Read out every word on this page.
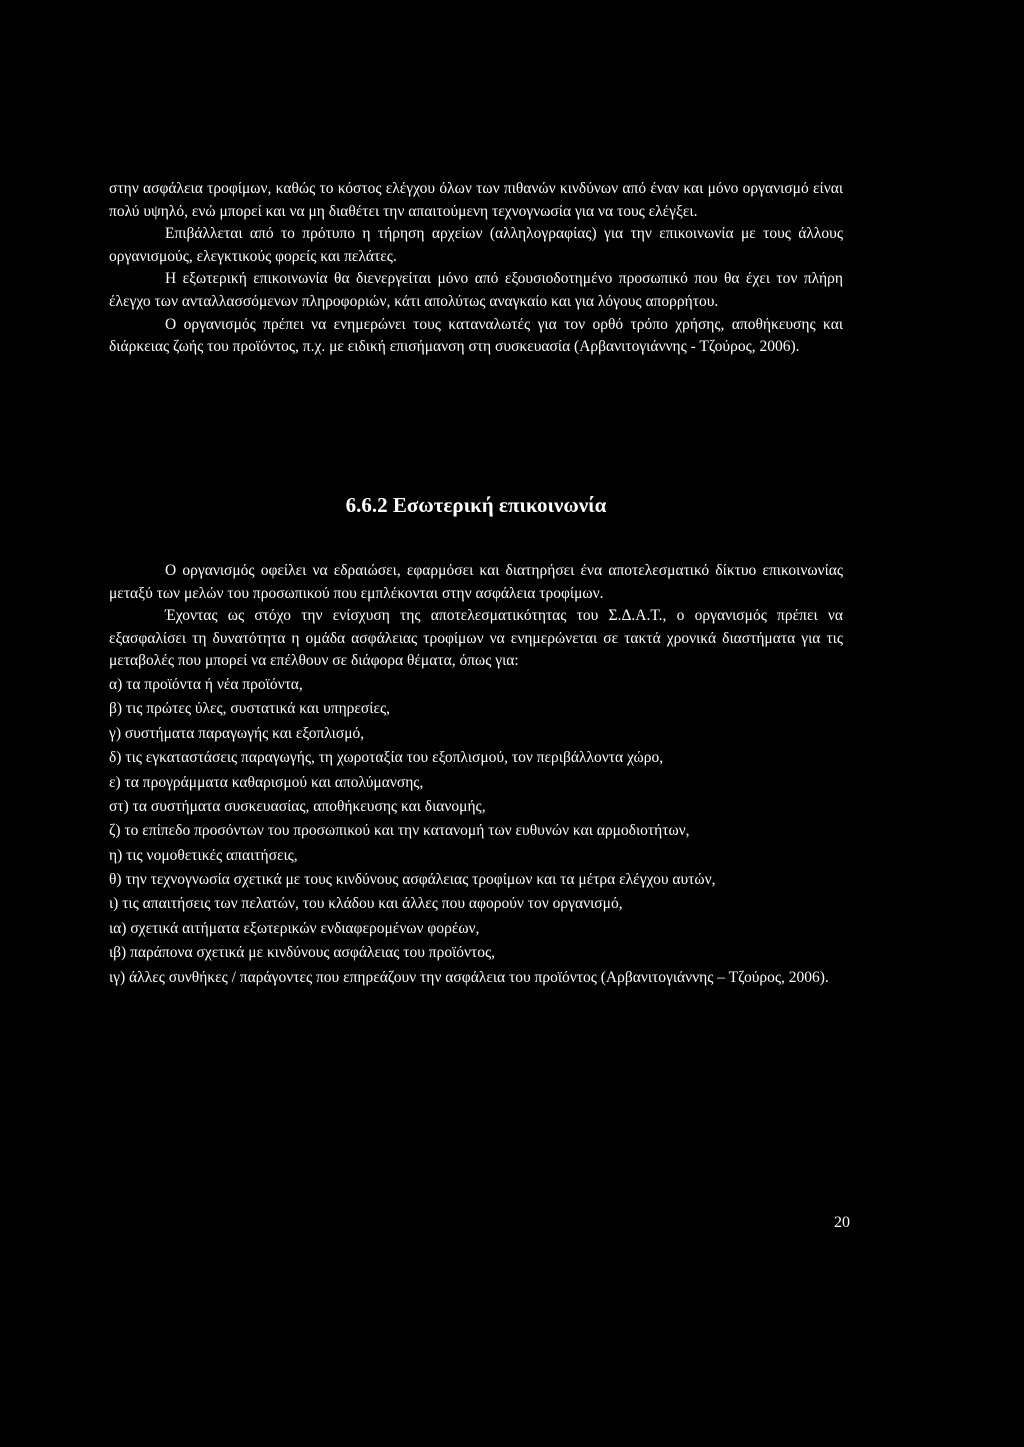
στην ασφάλεια τροφίμων, καθώς το κόστος ελέγχου όλων των πιθανών κινδύνων από έναν και μόνο οργανισμό είναι πολύ υψηλό, ενώ μπορεί και να μη διαθέτει την απαιτούμενη τεχνογνωσία για να τους ελέγξει.

Επιβάλλεται από το πρότυπο η τήρηση αρχείων (αλληλογραφίας) για την επικοινωνία με τους άλλους οργανισμούς, ελεγκτικούς φορείς και πελάτες.

Η εξωτερική επικοινωνία θα διενεργείται μόνο από εξουσιοδοτημένο προσωπικό που θα έχει τον πλήρη έλεγχο των ανταλλασσόμενων πληροφοριών, κάτι απολύτως αναγκαίο και για λόγους απορρήτου.

Ο οργανισμός πρέπει να ενημερώνει τους καταναλωτές για τον ορθό τρόπο χρήσης, αποθήκευσης και διάρκειας ζωής του προϊόντος, π.χ. με ειδική επισήμανση στη συσκευασία (Αρβανιτογιάννης - Τζούρος, 2006).

6.6.2 Εσωτερική επικοινωνία

Ο οργανισμός οφείλει να εδραιώσει, εφαρμόσει και διατηρήσει ένα αποτελεσματικό δίκτυο επικοινωνίας μεταξύ των μελών του προσωπικού που εμπλέκονται στην ασφάλεια τροφίμων.

Έχοντας ως στόχο την ενίσχυση της αποτελεσματικότητας του Σ.Δ.Α.Τ., ο οργανισμός πρέπει να εξασφαλίσει τη δυνατότητα η ομάδα ασφάλειας τροφίμων να ενημερώνεται σε τακτά χρονικά διαστήματα για τις μεταβολές που μπορεί να επέλθουν σε διάφορα θέματα, όπως για:

α) τα προϊόντα ή νέα προϊόντα,

β) τις πρώτες ύλες, συστατικά και υπηρεσίες,

γ) συστήματα παραγωγής και εξοπλισμό,

δ) τις εγκαταστάσεις παραγωγής, τη χωροταξία του εξοπλισμού, τον περιβάλλοντα χώρο,

ε) τα προγράμματα καθαρισμού και απολύμανσης,

στ) τα συστήματα συσκευασίας, αποθήκευσης και διανομής,

ζ) το επίπεδο προσόντων του προσωπικού και την κατανομή των ευθυνών και αρμοδιοτήτων,

η) τις νομοθετικές απαιτήσεις,

θ) την τεχνογνωσία σχετικά με τους κινδύνους ασφάλειας τροφίμων και τα μέτρα ελέγχου αυτών,

ι) τις απαιτήσεις των πελατών, του κλάδου και άλλες που αφορούν τον οργανισμό,

ια) σχετικά αιτήματα εξωτερικών ενδιαφερομένων φορέων,

ιβ) παράπονα σχετικά με κινδύνους ασφάλειας του προϊόντος,

ιγ) άλλες συνθήκες / παράγοντες που επηρεάζουν την ασφάλεια του προϊόντος (Αρβανιτογιάννης – Τζούρος, 2006).

20
